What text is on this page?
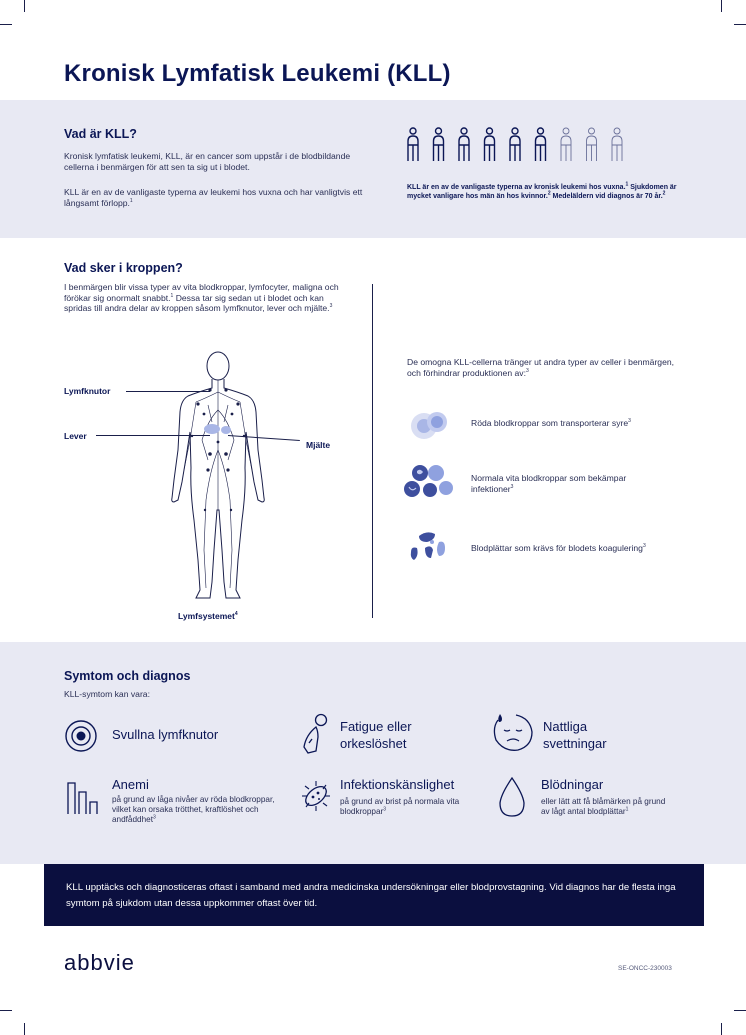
Kronisk Lymfatisk Leukemi (KLL)
Vad är KLL?
Kronisk lymfatisk leukemi, KLL, är en cancer som uppstår i de blodbildande cellerna i benmärgen för att sen ta sig ut i blodet.
KLL är en av de vanligaste typerna av leukemi hos vuxna och har vanligtvis ett långsamt förlopp.$^1$
KLL är en av de vanligaste typerna av kronisk leukemi hos vuxna.$^1$ Sjukdomen är mycket vanligare hos män än hos kvinnor.$^2$ Medeläldern vid diagnos är 70 år.$^2$
Vad sker i kroppen?
I benmärgen blir vissa typer av vita blodkroppar, lymfocyter, maligna och förökar sig onormalt snabbt.$^1$ Dessa tar sig sedan ut i blodet och kan spridas till andra delar av kroppen såsom lymfknutor, lever och mjälte.$^3$
Lymfknutor
Lever
Mjälte
Lymfsystemet$^4$
De omogna KLL-cellerna tränger ut andra typer av celler i benmärgen, och förhindrar produktionen av:$^3$
Röda blodkroppar som transporterar syre$^3$
Normala vita blodkroppar som bekämpar infektioner$^3$
Blodplättar som krävs för blodets koagulering$^3$
Symtom och diagnos
KLL-symtom kan vara:
Svullna lymfknutor
Fatigue eller orkeslöshet
Nattliga svettningar
Anemi
på grund av låga nivåer av röda blodkroppar, vilket kan orsaka trötthet, kraftlöshet och andfåddhet$^3$
Infektionskänslighet
på grund av brist på normala vita blodkroppar$^3$
Blödningar
eller lätt att få blåmärken på grund av lågt antal blodplättar$^1$
KLL upptäcks och diagnosticeras oftast i samband med andra medicinska undersökningar eller blodprovstagning. Vid diagnos har de flesta inga symtom på sjukdom utan dessa uppkommer oftast över tid.
abbvie	SE-ONCC-230003
